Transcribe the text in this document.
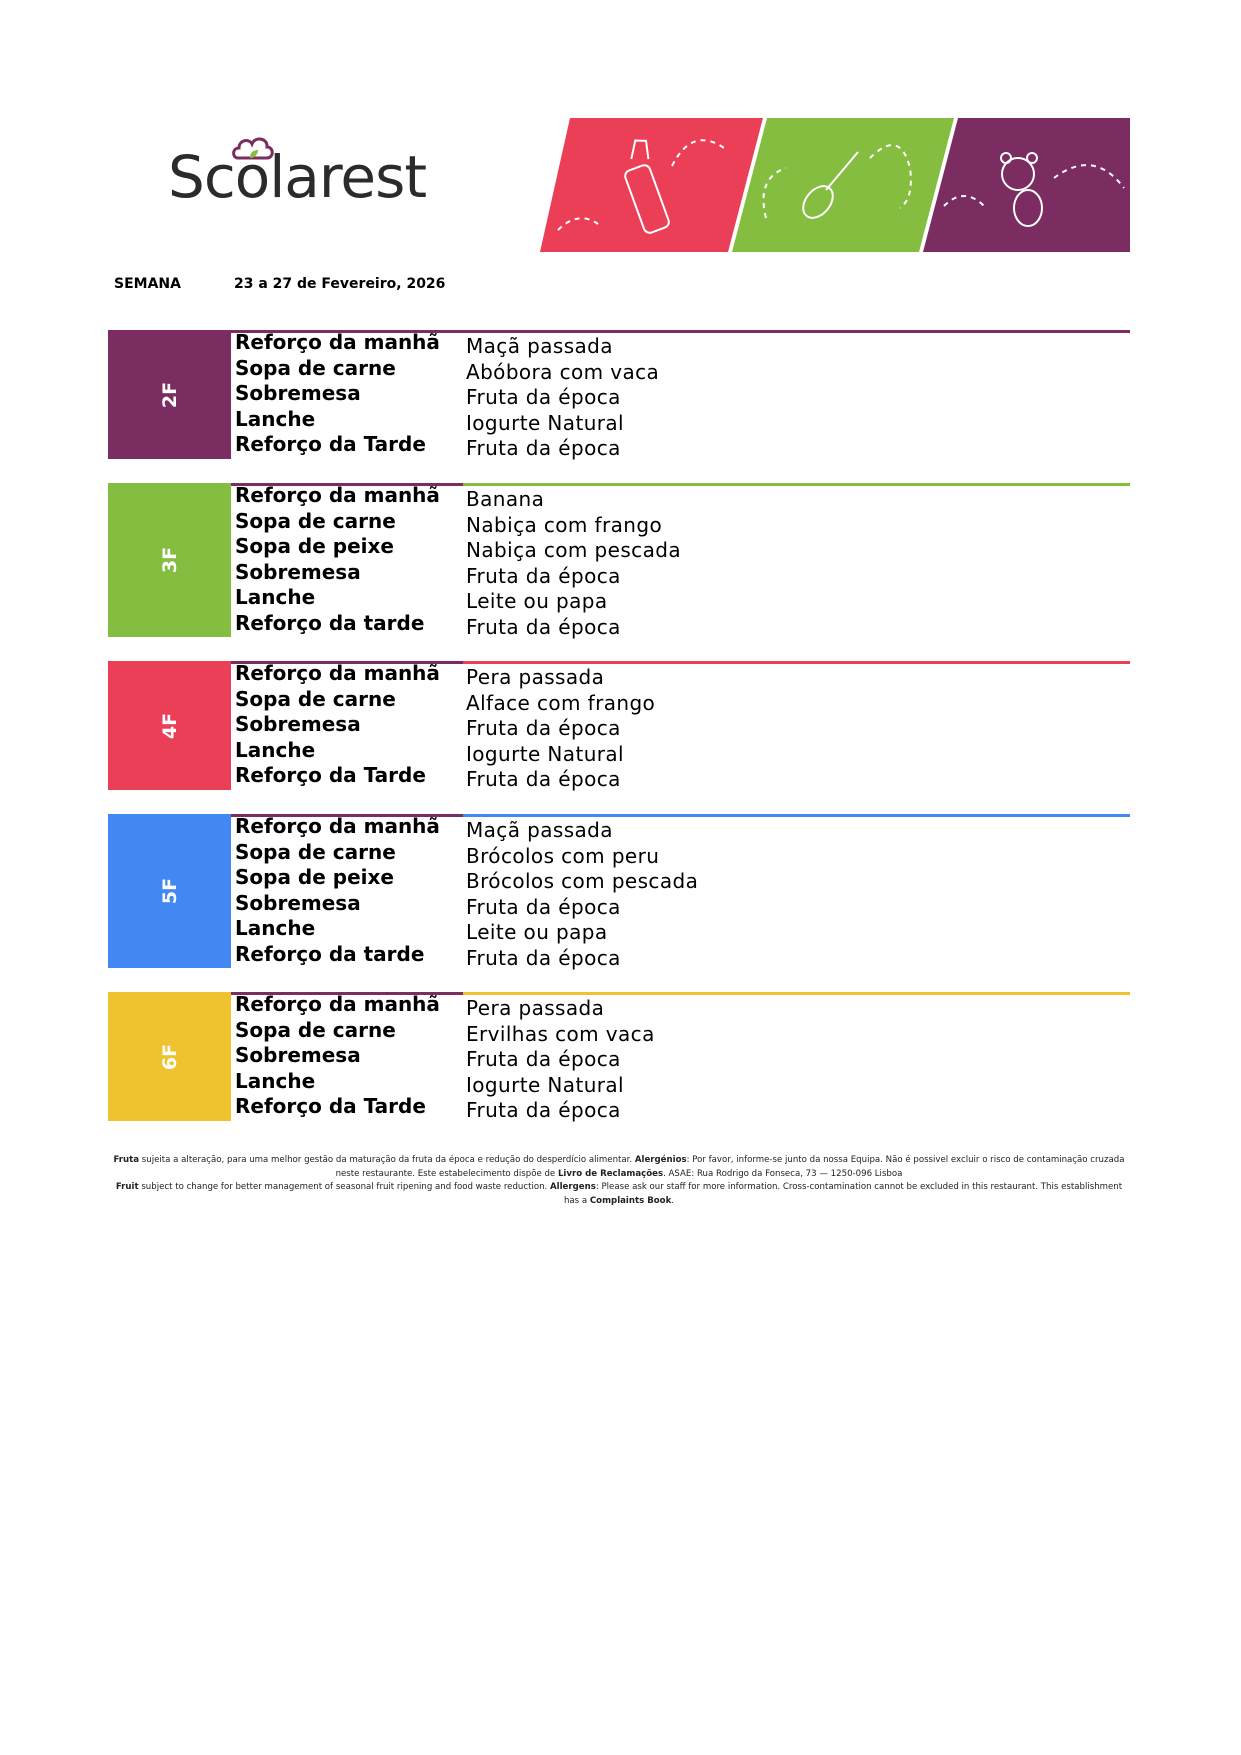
Scolarest
SEMANA	23 a 27 de Fevereiro, 2026
2F
Reforço da manhã
Sopa de carne
Sobremesa
Lanche
Reforço da Tarde
Maçã passada
Abóbora com vaca
Fruta da época
Iogurte Natural
Fruta da época
3F
Reforço da manhã
Sopa de carne
Sopa de peixe
Sobremesa
Lanche
Reforço da tarde
Banana
Nabiça com frango
Nabiça com pescada
Fruta da época
Leite ou papa
Fruta da época
4F
Reforço da manhã
Sopa de carne
Sobremesa
Lanche
Reforço da Tarde
Pera passada
Alface com frango
Fruta da época
Iogurte Natural
Fruta da época
5F
Reforço da manhã
Sopa de carne
Sopa de peixe
Sobremesa
Lanche
Reforço da tarde
Maçã passada
Brócolos com peru
Brócolos com pescada
Fruta da época
Leite ou papa
Fruta da época
6F
Reforço da manhã
Sopa de carne
Sobremesa
Lanche
Reforço da Tarde
Pera passada
Ervilhas com vaca
Fruta da época
Iogurte Natural
Fruta da época
Fruta sujeita a alteração, para uma melhor gestão da maturação da fruta da época e redução do desperdício alimentar. Alergénios: Por favor, informe-se junto da nossa Equipa. Não é possivel excluir o risco de contaminação cruzada neste restaurante. Este estabelecimento dispõe de Livro de Reclamações. ASAE: Rua Rodrigo da Fonseca, 73 — 1250-096 Lisboa
Fruit subject to change for better management of seasonal fruit ripening and food waste reduction. Allergens: Please ask our staff for more information. Cross-contamination cannot be excluded in this restaurant. This establishment has a Complaints Book.
